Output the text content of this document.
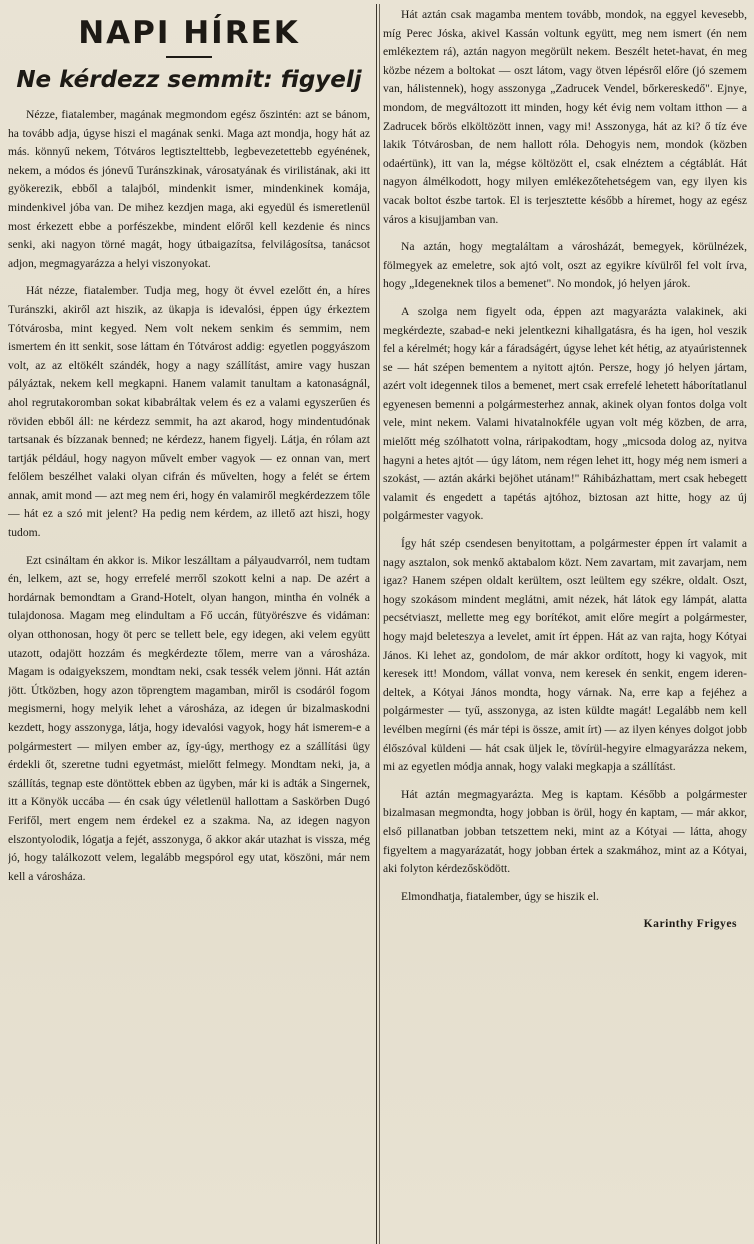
NAPI HÍREK
Ne kérdezz semmit: figyelj

Nézze, fiatalember, magának megmondom egész őszintén: azt se bánom, ha tovább adja, úgyse hiszi el magának senki. Maga azt mondja, hogy hát az más. könnyű nekem, Tótváros legtisztelttebb, legbevezetettebb egyénének, nekem, a módos és jónevű Turánszkinak, városatyának és virilistának, aki itt gyökerezik, ebből a talajból, mindenkit ismer, mindenkinek komája, mindenkivel jóba van. De mihez kezdjen maga, aki egyedül és ismeretlenül most érkezett ebbe a porfészekbe, mindent előről kell kezdenie és nincs senki, aki nagyon törné magát, hogy útbaigazítsa, felvilágosítsa, tanácsot adjon, megmagyarázza a helyi viszonyokat.

Hát nézze, fiatalember. Tudja meg, hogy öt évvel ezelőtt én, a híres Turánszki, akiről azt hiszik, az ükapja is idevalósi, éppen úgy érkeztem Tótvárosba, mint kegyed. Nem volt nekem senkim és semmim, nem ismertem én itt senkit, sose láttam én Tótvárost addig: egyetlen poggyászom volt, az az eltökélt szándék, hogy a nagy szállítást, amire vagy huszan pályáztak, nekem kell megkapni. Hanem valamit tanultam a katonaságnál, ahol regrutakoromban sokat kibabráltak velem és ez a valami egyszerűen és röviden ebből áll: ne kérdezz semmit, ha azt akarod, hogy mindentudónak tartsanak és bízzanak benned; ne kérdezz, hanem figyelj. Látja, én rólam azt tartják például, hogy nagyon művelt ember vagyok — ez onnan van, mert felőlem beszélhet valaki olyan cifrán és művelten, hogy a felét se értem annak, amit mond — azt meg nem éri, hogy én valamiről megkérdezzem tőle — hát ez a szó mit jelent? Ha pedig nem kérdem, az illető azt hiszi, hogy tudom.

Ezt csináltam én akkor is. Mikor leszálltam a pályaudvarról, nem tudtam én, lelkem, azt se, hogy errefelé merről szokott kelni a nap. De azért a hordárnak bemondtam a Grand-Hotelt, olyan hangon, mintha én volnék a tulajdonosa. Magam meg elindultam a Fő uccán, fütyörészve és vidáman: olyan otthonosan, hogy öt perc se tellett bele, egy idegen, aki velem együtt utazott, odajött hozzám és megkérdezte tőlem, merre van a városháza. Magam is odaigyekszem, mondtam neki, csak tessék velem jönni. Hát aztán jött. Útközben, hogy azon töprengtem magamban, miről is csodáról fogom megismerni, hogy melyik lehet a városháza, az idegen úr bizalmaskodni kezdett, hogy asszonyga, látja, hogy idevalósi vagyok, hogy hát ismerem-e a polgármestert — milyen ember az, így-úgy, merthogy ez a szállítási ügy érdekli őt, szeretne tudni egyetmást, mielőtt felmegy. Mondtam neki, ja, a szállítás, tegnap este döntöttek ebben az ügyben, már ki is adták a Singernek, itt a Könyök uccába — én csak úgy véletlenül hallottam a Saskörben Dugó Ferifől, mert engem nem érdekel ez a szakma. Na, az idegen nagyon elszontyolodik, lógatja a fejét, asszonyga, ő akkor akár utazhat is vissza, még jó, hogy találkozott velem, legalább megspórol egy utat, köszöni, már nem kell a városháza.

Hát aztán csak magamba mentem tovább, mondok, na eggyel kevesebb, míg Perec Jóska, akivel Kassán voltunk együtt, meg nem ismert (én nem emlékeztem rá), aztán nagyon megörült nekem. Beszélt hetet-havat, én meg közbe nézem a boltokat — oszt látom, vagy ötven lépésről előre (jó szemem van, hálistennek), hogy asszonyga „Zadrucek Vendel, bőrkereskedő". Ejnye, mondom, de megváltozott itt minden, hogy két évig nem voltam itthon — a Zadrucek bőrös elköltözött innen, vagy mi! Asszonyga, hát az ki? ő tíz éve lakik Tótvárosban, de nem hallott róla. Dehogyis nem, mondok (közben odaértünk), itt van la, mégse költözött el, csak elnéztem a cégtáblát. Hát nagyon álmélkodott, hogy milyen emlékezőtehetségem van, egy ilyen kis vacak boltot észbe tartok. El is terjesztette később a híremet, hogy az egész város a kisujjamban van.

Na aztán, hogy megtaláltam a városházát, bemegyek, körülnézek, fölmegyek az emeletre, sok ajtó volt, oszt az egyikre kívülről fel volt írva, hogy „Idegeneknek tilos a bemenet". No mondok, jó helyen járok.

A szolga nem figyelt oda, éppen azt magyarázta valakinek, aki megkérdezte, szabad-e neki jelentkezni kihallgatásra, és ha igen, hol veszik fel a kérelmét; hogy kár a fáradságért, úgyse lehet két hétig, az atyaúristennek se — hát szépen bementem a nyitott ajtón. Persze, hogy jó helyen jártam, azért volt idegennek tilos a bemenet, mert csak errefelé lehetett háborítatlanul egyenesen bemenni a polgármesterhez annak, akinek olyan fontos dolga volt vele, mint nekem. Valami hivatalnokféle ugyan volt még közben, de arra, mielőtt még szólhatott volna, ráripakodtam, hogy „micsoda dolog az, nyitva hagyni a hetes ajtót — úgy látom, nem régen lehet itt, hogy még nem ismeri a szokást, — aztán akárki bejöhet utánam!" Ráhibázhattam, mert csak hebegett valamit és engedett a tapétás ajtóhoz, biztosan azt hitte, hogy az új polgármester vagyok.

Így hát szép csendesen benyitottam, a polgármester éppen írt valamit a nagy asztalon, sok menkő aktabalom közt. Nem zavartam, mit zavarjam, nem igaz? Hanem szépen oldalt kerültem, oszt leültem egy székre, oldalt. Oszt, hogy szokásom mindent meglátni, amit nézek, hát látok egy lámpát, alatta pecsétviaszt, mellette meg egy borítékot, amit előre megírt a polgármester, hogy majd beleteszya a levelet, amit írt éppen. Hát az van rajta, hogy Kótyai János. Ki lehet az, gondolom, de már akkor ordított, hogy ki vagyok, mit keresek itt! Mondom, vállat vonva, nem keresek én senkit, engem iderendeltek, a Kótyai János mondta, hogy várnak. Na, erre kap a fejéhez a polgármester — tyű, asszonyga, az isten küldte magát! Legalább nem kell levélben megírni (és már tépi is össze, amit írt) — az ilyen kényes dolgot jobb élőszóval küldeni — hát csak üljek le, tövírül-hegyire elmagyarázza nekem, mi az egyetlen módja annak, hogy valaki megkapja a szállítást.

Hát aztán megmagyarázta. Meg is kaptam. Később a polgármester bizalmasan megmondta, hogy jobban is örül, hogy én kaptam, — már akkor, első pillanatban jobban tetszettem neki, mint az a Kótyai — látta, ahogy figyeltem a magyarázatát, hogy jobban értek a szakmához, mint az a Kótyai, aki folyton kérdezősködött.

Elmondhatja, fiatalember, úgy se hiszik el.

Karinthy Frigyes
